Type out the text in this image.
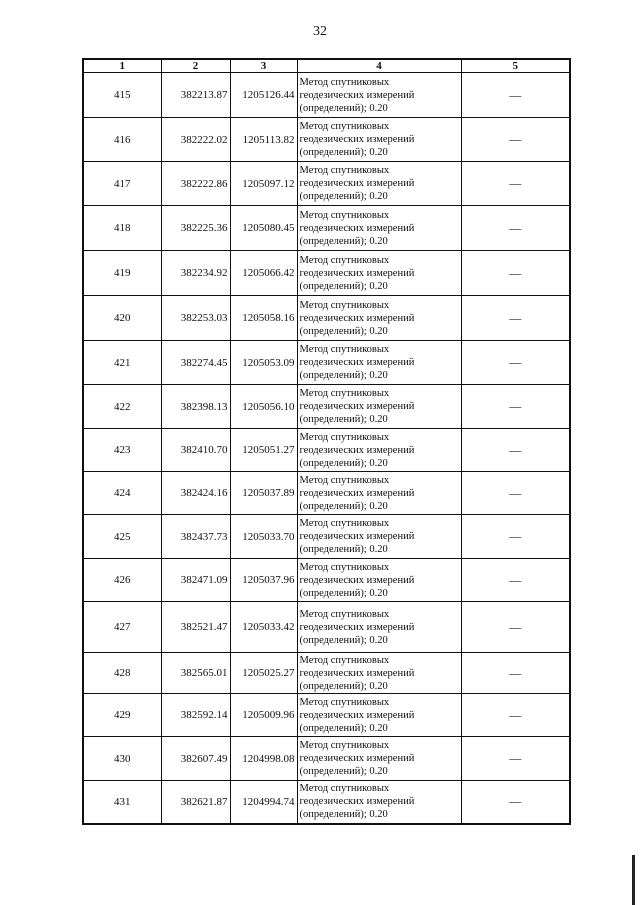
32
1	2	3	4	5
415	382213.87	1205126.44	Метод спутниковых
геодезических измерений
(определений); 0.20	—
416	382222.02	1205113.82	Метод спутниковых
геодезических измерений
(определений); 0.20	—
417	382222.86	1205097.12	Метод спутниковых
геодезических измерений
(определений); 0.20	—
418	382225.36	1205080.45	Метод спутниковых
геодезических измерений
(определений); 0.20	—
419	382234.92	1205066.42	Метод спутниковых
геодезических измерений
(определений); 0.20	—
420	382253.03	1205058.16	Метод спутниковых
геодезических измерений
(определений); 0.20	—
421	382274.45	1205053.09	Метод спутниковых
геодезических измерений
(определений); 0.20	—
422	382398.13	1205056.10	Метод спутниковых
геодезических измерений
(определений); 0.20	—
423	382410.70	1205051.27	Метод спутниковых
геодезических измерений
(определений); 0.20	—
424	382424.16	1205037.89	Метод спутниковых
геодезических измерений
(определений); 0.20	—
425	382437.73	1205033.70	Метод спутниковых
геодезических измерений
(определений); 0.20	—
426	382471.09	1205037.96	Метод спутниковых
геодезических измерений
(определений); 0.20	—
427	382521.47	1205033.42	Метод спутниковых
геодезических измерений
(определений); 0.20	—
428	382565.01	1205025.27	Метод спутниковых
геодезических измерений
(определений); 0.20	—
429	382592.14	1205009.96	Метод спутниковых
геодезических измерений
(определений); 0.20	—
430	382607.49	1204998.08	Метод спутниковых
геодезических измерений
(определений); 0.20	—
431	382621.87	1204994.74	Метод спутниковых
геодезических измерений
(определений); 0.20	—
